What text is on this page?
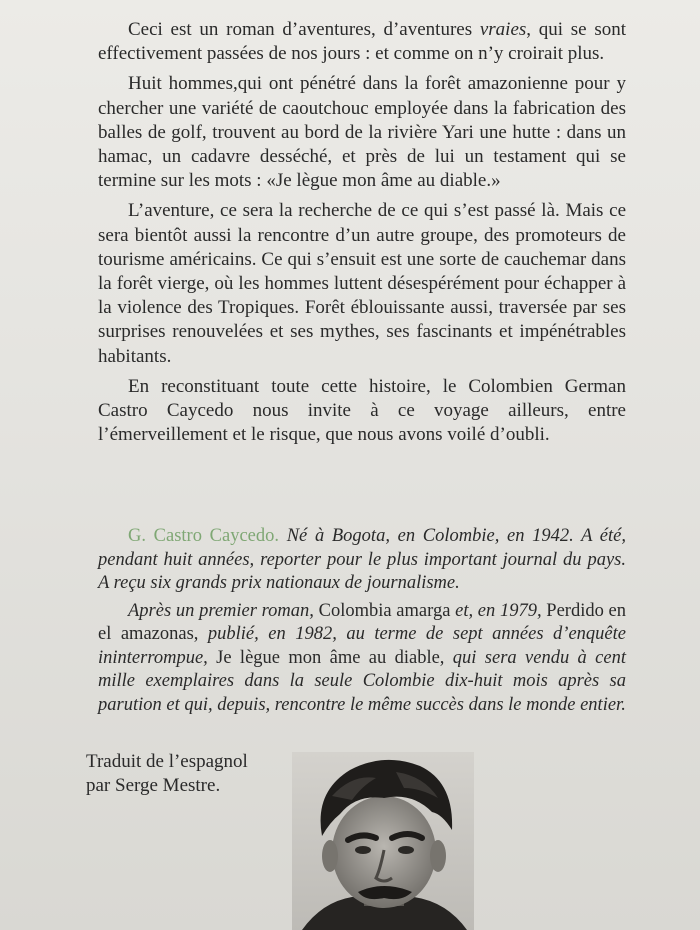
Ceci est un roman d’aventures, d’aventures vraies, qui se sont effectivement passées de nos jours : et comme on n’y croirait plus.

Huit hommes,qui ont pénétré dans la forêt amazonienne pour y chercher une variété de caoutchouc employée dans la fabrication des balles de golf, trouvent au bord de la rivière Yari une hutte : dans un hamac, un cadavre desséché, et près de lui un testament qui se termine sur les mots : «Je lègue mon âme au diable.»

L’aventure, ce sera la recherche de ce qui s’est passé là. Mais ce sera bientôt aussi la rencontre d’un autre groupe, des promoteurs de tourisme américains. Ce qui s’ensuit est une sorte de cauchemar dans la forêt vierge, où les hommes luttent désespérément pour échapper à la violence des Tropiques. Forêt éblouissante aussi, traversée par ses surprises renouvelées et ses mythes, ses fascinants et impénétrables habitants.

En reconstituant toute cette histoire, le Colombien German Castro Caycedo nous invite à ce voyage ailleurs, entre l’émerveillement et le risque, que nous avons voilé d’oubli.

G. Castro Caycedo. Né à Bogota, en Colombie, en 1942. A été, pendant huit années, reporter pour le plus important journal du pays. A reçu six grands prix nationaux de journalisme.

Après un premier roman, Colombia amarga et, en 1979, Perdido en el amazonas, publié, en 1982, au terme de sept années d’enquête ininterrompue, Je lègue mon âme au diable, qui sera vendu à cent mille exemplaires dans la seule Colombie dix-huit mois après sa parution et qui, depuis, rencontre le même succès dans le monde entier.

Traduit de l’espagnol
par Serge Mestre.
